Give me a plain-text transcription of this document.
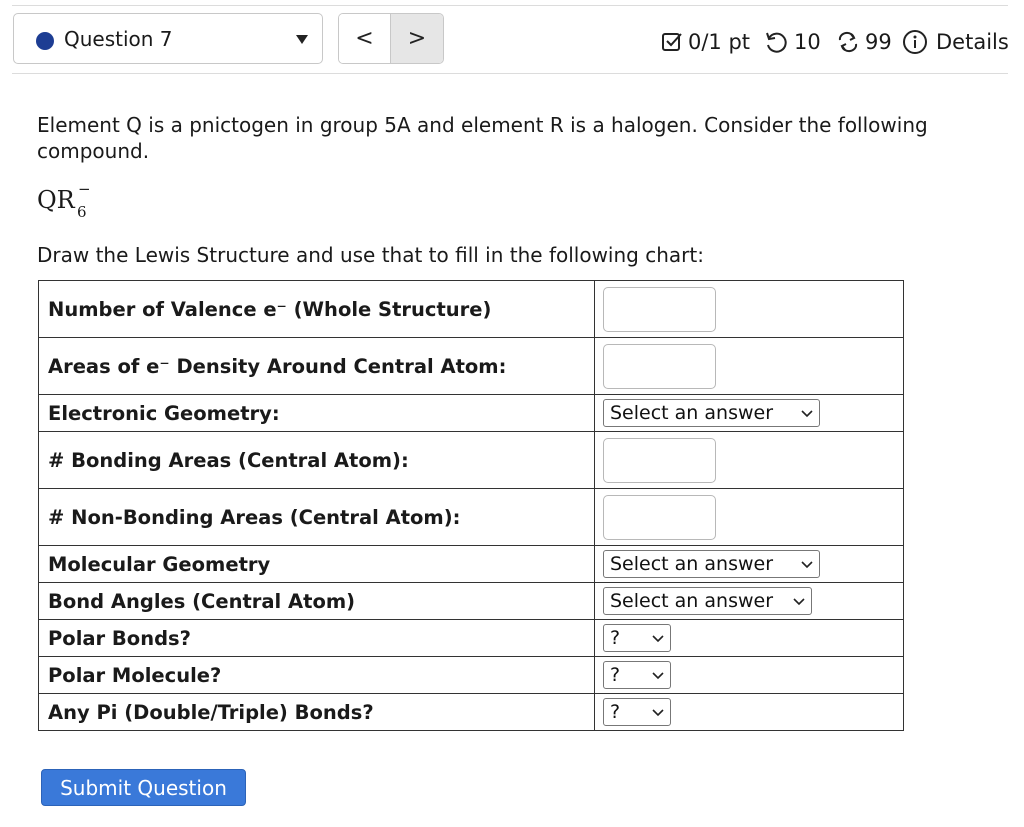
Question 7	<	>	0/1 pt 10 99 Details
Element Q is a pnictogen in group 5A and element R is a halogen. Consider the following compound.
QR 6
−
Draw the Lewis Structure and use that to fill in the following chart:
Number of Valence e⁻ (Whole Structure)	

Areas of e⁻ Density Around Central Atom:	

Electronic Geometry:	Select an answer

# Bonding Areas (Central Atom):	

# Non-Bonding Areas (Central Atom):	

Molecular Geometry	Select an answer

Bond Angles (Central Atom)	Select an answer

Polar Bonds?	?

Polar Molecule?	?

Any Pi (Double/Triple) Bonds?	?
Submit Question
